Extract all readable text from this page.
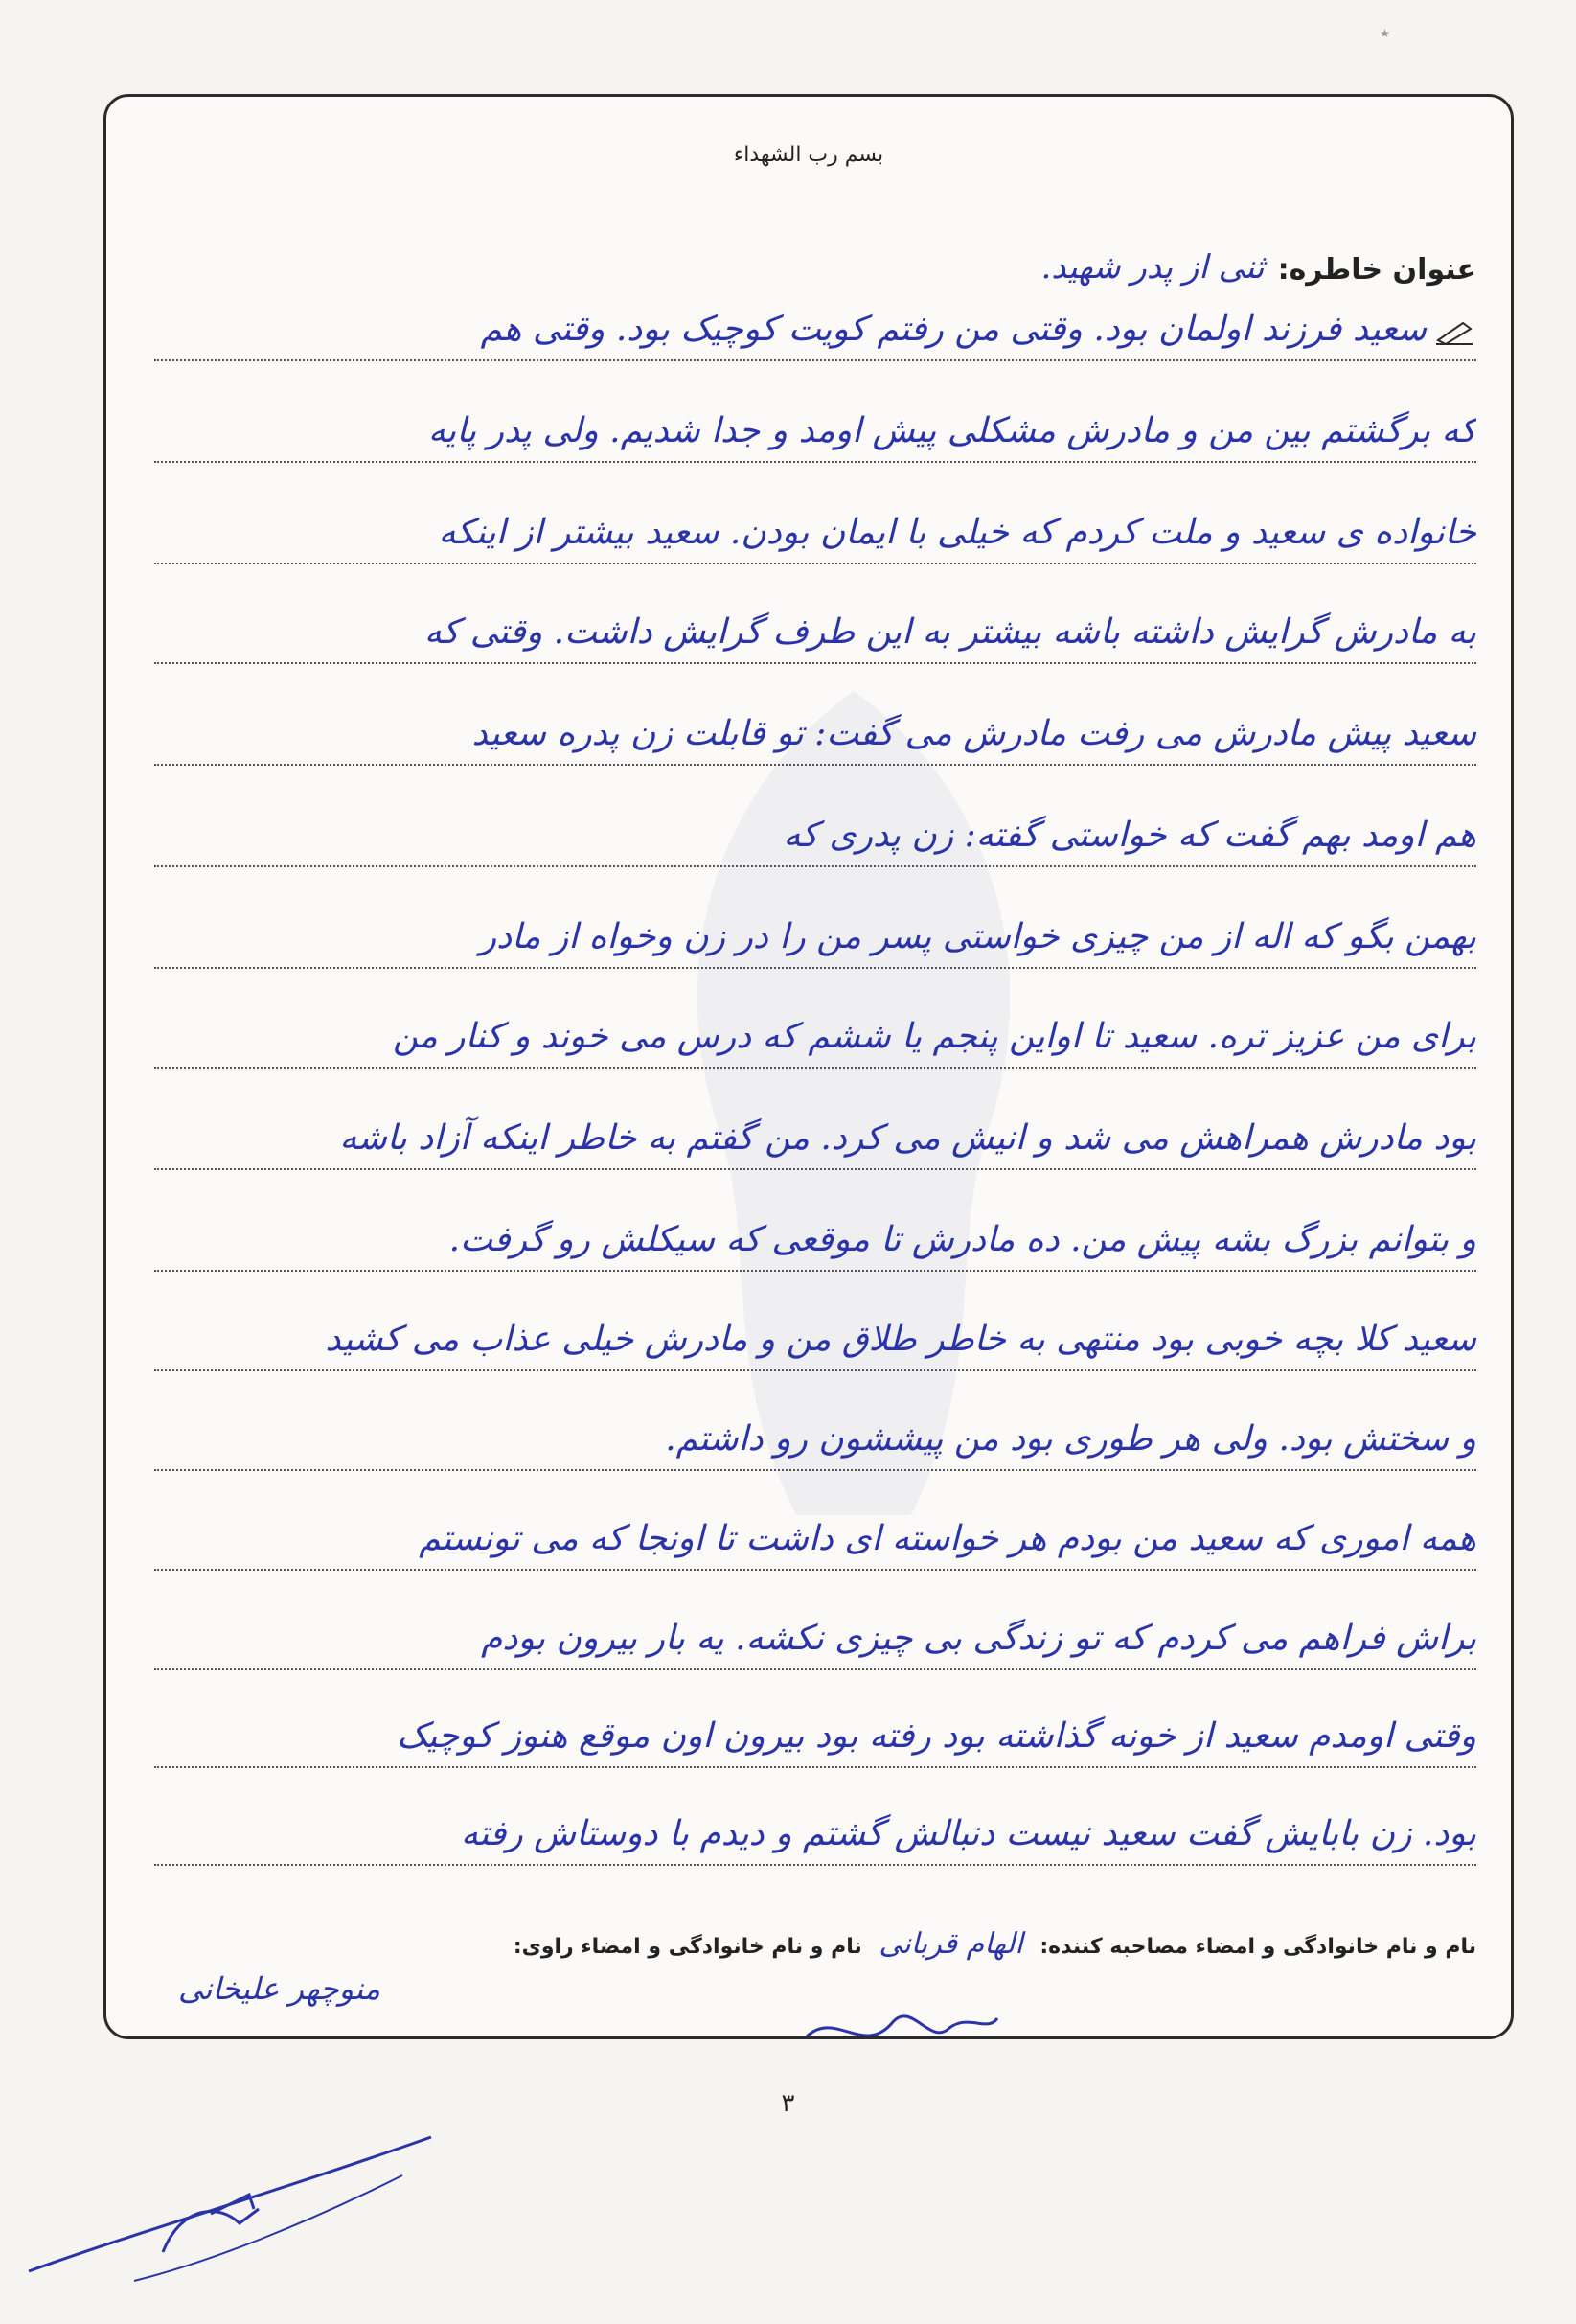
٭
بسم رب الشهداء
عنوان خاطره:
ثنی از پدر شهید.
سعید فرزند اولمان بود. وقتی من رفتم کویت کوچیک بود. وقتی هم
که برگشتم بین من و مادرش مشکلی پیش اومد و جدا شدیم. ولی پدر پایه
خانواده ی سعید و ملت کردم که خیلی با ایمان بودن. سعید بیشتر از اینکه
به مادرش گرایش داشته باشه بیشتر به این طرف گرایش داشت. وقتی که
سعید پیش مادرش می رفت مادرش می گفت: تو قابلت زن پدره سعید
هم اومد بهم گفت که خواستی گفته: زن پدری که
بهمن بگو که اله از من چیزی خواستی پسر من را در زن وخواه از مادر
برای من عزیز تره. سعید تا اواین پنجم یا ششم که درس می خوند و کنار من
بود مادرش همراهش می شد و انیش می کرد. من گفتم به خاطر اینکه آزاد باشه
و بتوانم بزرگ بشه پیش من. ده مادرش تا موقعی که سیکلش رو گرفت.
سعید کلا بچه خوبی بود منتهی به خاطر طلاق من و مادرش خیلی عذاب می کشید
و سختش بود. ولی هر طوری بود من پیششون رو داشتم.
همه اموری که سعید من بودم هر خواسته ای داشت تا اونجا که می تونستم
براش فراهم می کردم که تو زندگی بی چیزی نکشه. یه بار بیرون بودم
وقتی اومدم سعید از خونه گذاشته بود رفته بود بیرون اون موقع هنوز کوچیک
بود. زن بابایش گفت سعید نیست دنبالش گشتم و دیدم با دوستاش رفته
نام و نام خانوادگی و امضاء مصاحبه کننده: الهام قربانی نام و نام خانوادگی و امضاء راوی:
منوچهر علیخانی
۳
